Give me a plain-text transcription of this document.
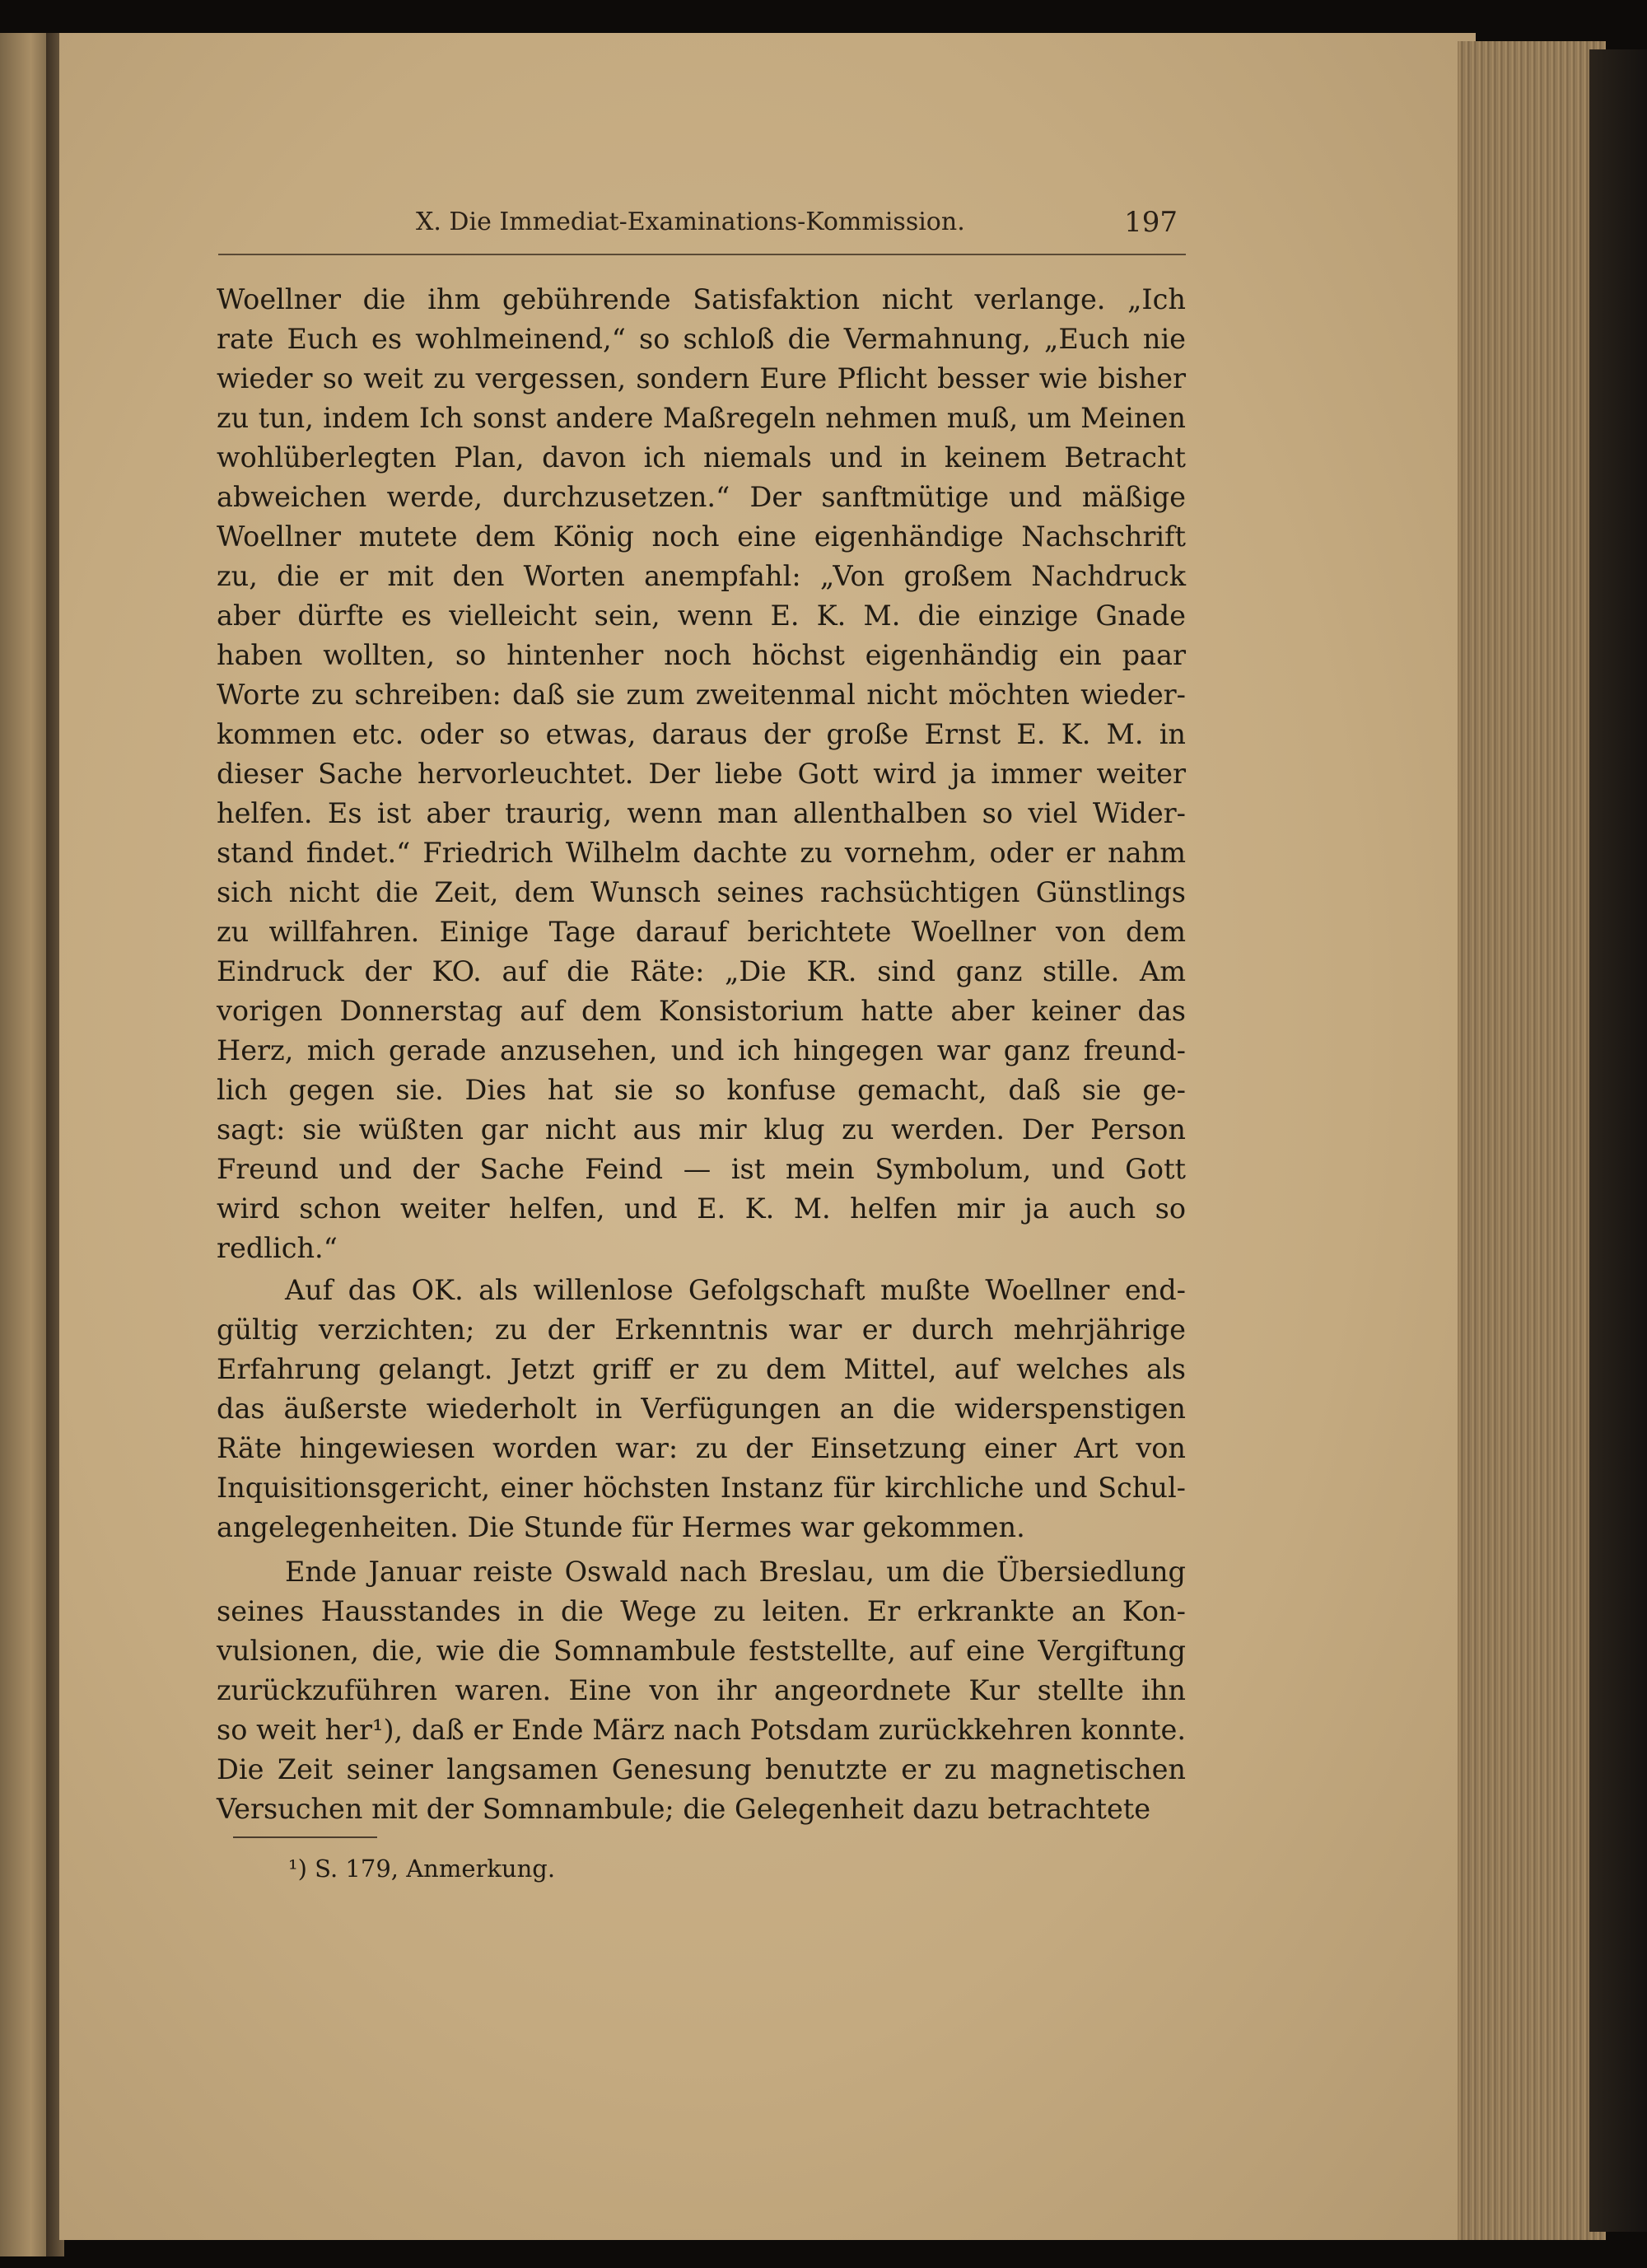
X. Die Immediat-Examinations-Kommission.	197
Woellner die ihm gebührende Satisfaktion nicht verlange. „Ich
rate Euch es wohlmeinend,“ so schloß die Vermahnung, „Euch nie
wieder so weit zu vergessen, sondern Eure Pflicht besser wie bisher
zu tun, indem Ich sonst andere Maßregeln nehmen muß, um Meinen
wohlüberlegten Plan, davon ich niemals und in keinem Betracht
abweichen werde, durchzusetzen.“ Der sanftmütige und mäßige
Woellner mutete dem König noch eine eigenhändige Nachschrift
zu, die er mit den Worten anempfahl: „Von großem Nachdruck
aber dürfte es vielleicht sein, wenn E. K. M. die einzige Gnade
haben wollten, so hintenher noch höchst eigenhändig ein paar
Worte zu schreiben: daß sie zum zweitenmal nicht möchten wieder-
kommen etc. oder so etwas, daraus der große Ernst E. K. M. in
dieser Sache hervorleuchtet. Der liebe Gott wird ja immer weiter
helfen. Es ist aber traurig, wenn man allenthalben so viel Wider-
stand findet.“ Friedrich Wilhelm dachte zu vornehm, oder er nahm
sich nicht die Zeit, dem Wunsch seines rachsüchtigen Günstlings
zu willfahren. Einige Tage darauf berichtete Woellner von dem
Eindruck der KO. auf die Räte: „Die KR. sind ganz stille. Am
vorigen Donnerstag auf dem Konsistorium hatte aber keiner das
Herz, mich gerade anzusehen, und ich hingegen war ganz freund-
lich gegen sie. Dies hat sie so konfuse gemacht, daß sie ge-
sagt: sie wüßten gar nicht aus mir klug zu werden. Der Person
Freund und der Sache Feind — ist mein Symbolum, und Gott
wird schon weiter helfen, und E. K. M. helfen mir ja auch so
redlich.“
Auf das OK. als willenlose Gefolgschaft mußte Woellner end-
gültig verzichten; zu der Erkenntnis war er durch mehrjährige
Erfahrung gelangt. Jetzt griff er zu dem Mittel, auf welches als
das äußerste wiederholt in Verfügungen an die widerspenstigen
Räte hingewiesen worden war: zu der Einsetzung einer Art von
Inquisitionsgericht, einer höchsten Instanz für kirchliche und Schul-
angelegenheiten. Die Stunde für Hermes war gekommen.
Ende Januar reiste Oswald nach Breslau, um die Übersiedlung
seines Hausstandes in die Wege zu leiten. Er erkrankte an Kon-
vulsionen, die, wie die Somnambule feststellte, auf eine Vergiftung
zurückzuführen waren. Eine von ihr angeordnete Kur stellte ihn
so weit her¹), daß er Ende März nach Potsdam zurückkehren konnte.
Die Zeit seiner langsamen Genesung benutzte er zu magnetischen
Versuchen mit der Somnambule; die Gelegenheit dazu betrachtete
¹) S. 179, Anmerkung.
